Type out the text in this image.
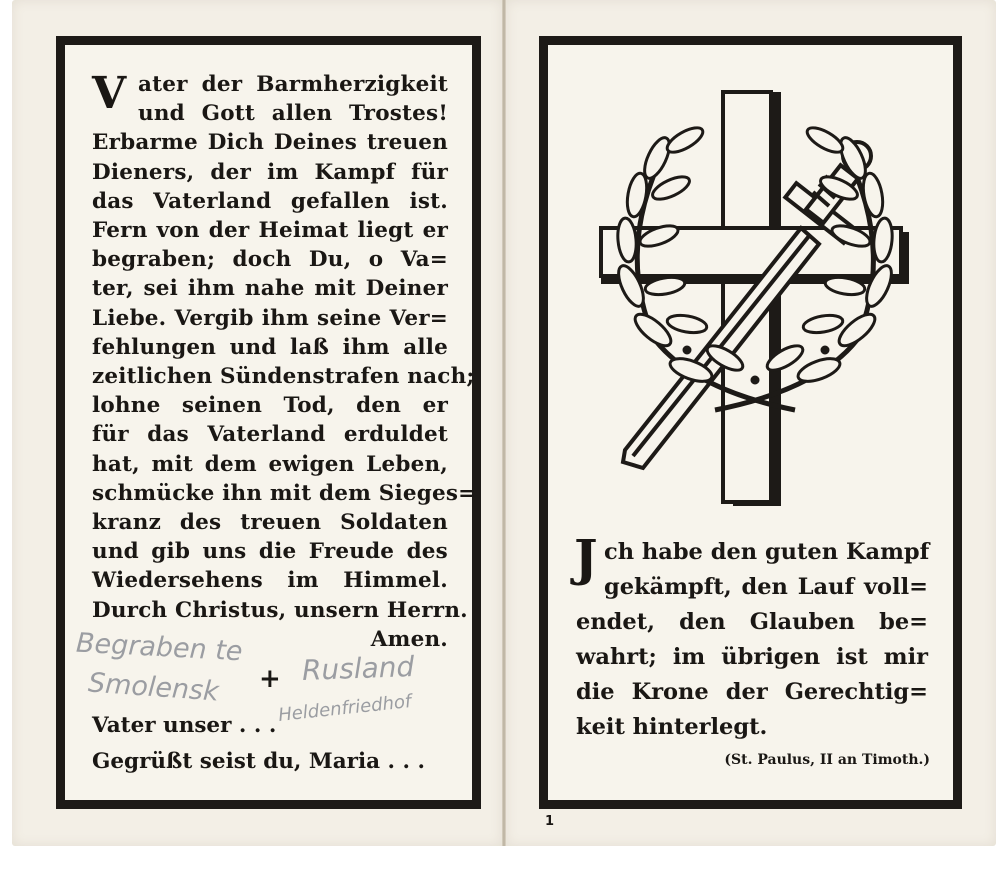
V ater der Barmherzigkeit
und Gott allen Trostes!
Erbarme Dich Deines treuen
Dieners, der im Kampf für
das Vaterland gefallen ist.
Fern von der Heimat liegt er
begraben; doch Du, o Va=
ter, sei ihm nahe mit Deiner
Liebe. Vergib ihm seine Ver=
fehlungen und laß ihm alle
zeitlichen Sündenstrafen nach;
lohne seinen Tod, den er
für das Vaterland erduldet
hat, mit dem ewigen Leben,
schmücke ihn mit dem Sieges=
kranz des treuen Soldaten
und gib uns die Freude des
Wiedersehens im Himmel.
Durch Christus, unsern Herrn.
Amen.
+
Vater unser . . .
Gegrüßt seist du, Maria . . .
Begraben te
Rusland
Smolensk
Heldenfriedhof
J ch habe den guten Kampf
gekämpft, den Lauf voll=
endet, den Glauben be=
wahrt; im übrigen ist mir
die Krone der Gerechtig=
keit hinterlegt.
(St. Paulus, II an Timoth.)
1
